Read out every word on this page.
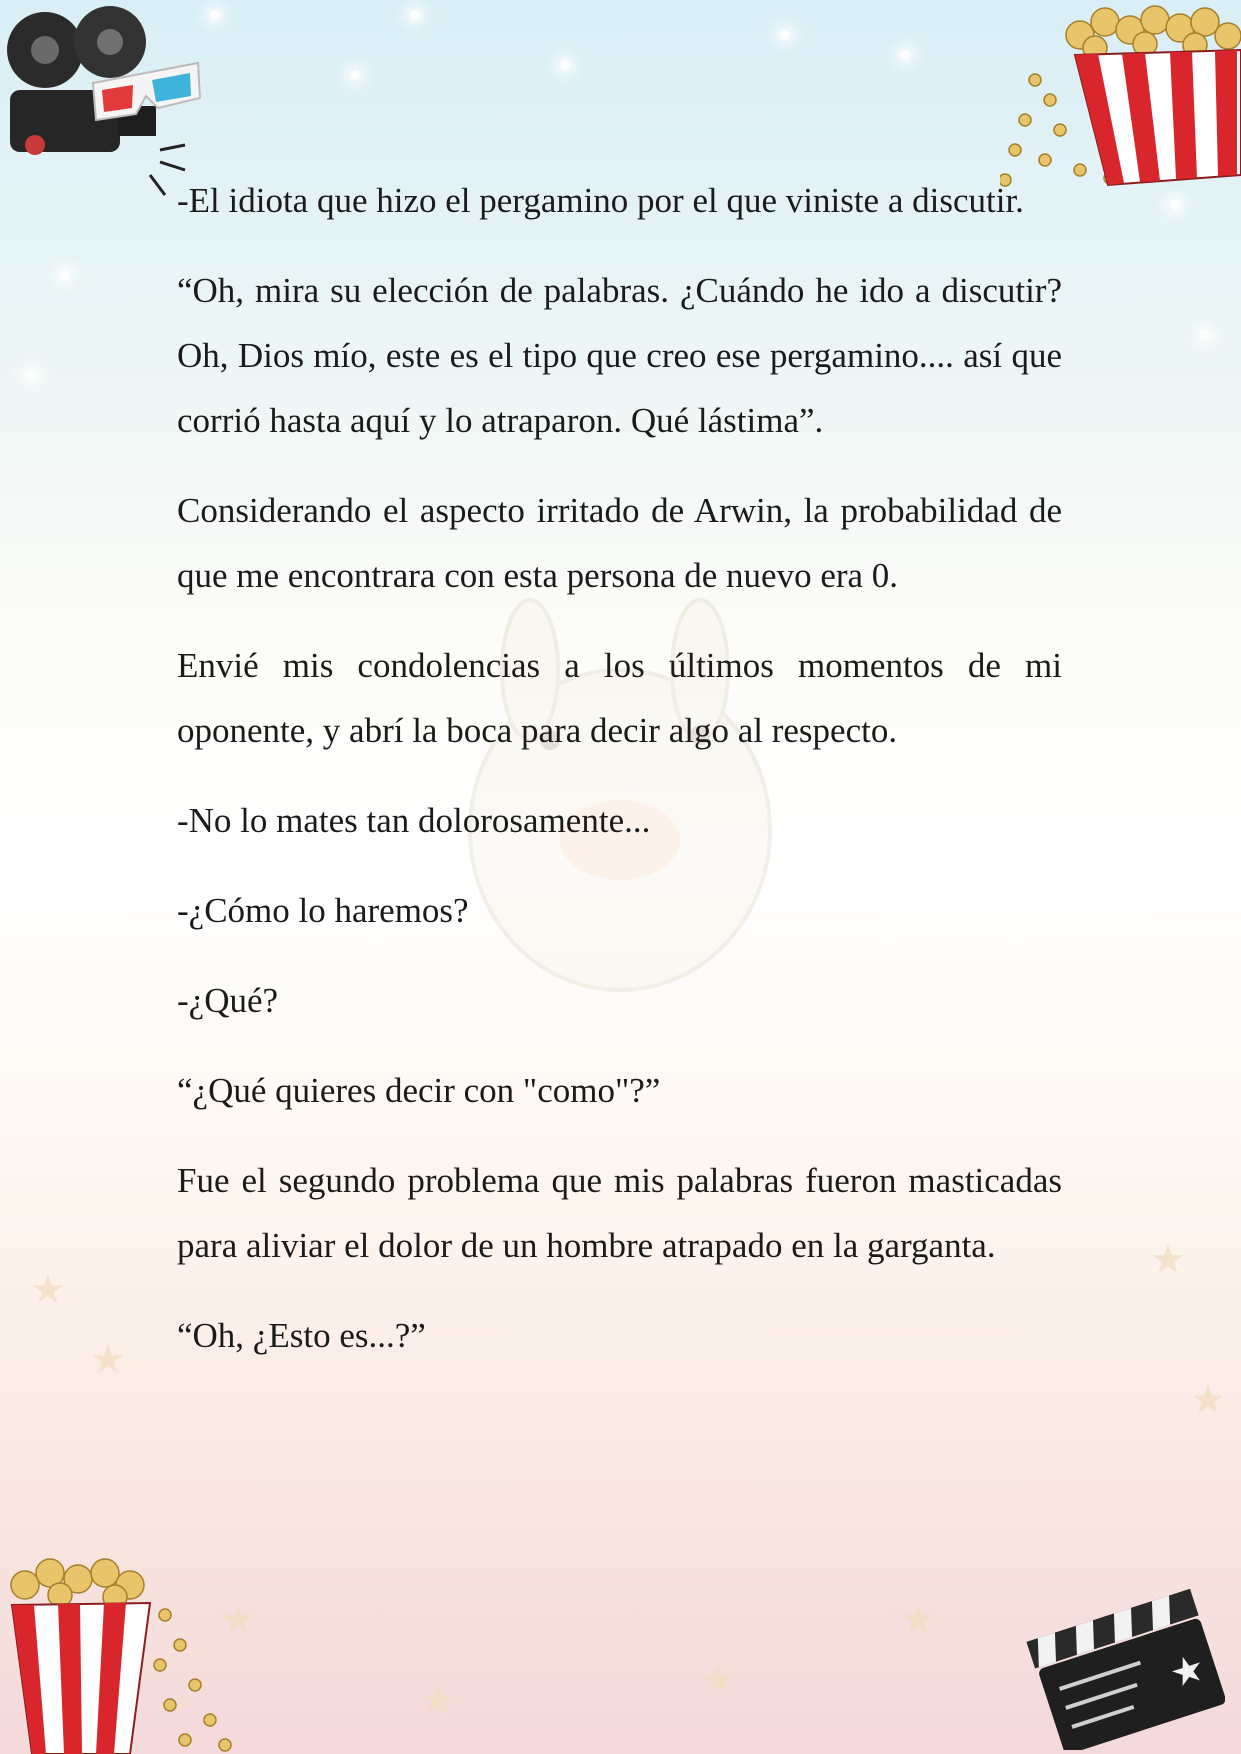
★
★
★
★
★
★	★
★
★

-El idiota que hizo el pergamino por el que viniste a discutir.

“Oh, mira su elección de palabras. ¿Cuándo he ido a discutir? Oh, Dios mío, este es el tipo que creo ese pergamino.... así que corrió hasta aquí y lo atraparon. Qué lástima”.

Considerando el aspecto irritado de Arwin, la probabilidad de que me encontrara con esta persona de nuevo era 0.

Envié mis condolencias a los últimos momentos de mi oponente, y abrí la boca para decir algo al respecto.

-No lo mates tan dolorosamente...

-¿Cómo lo haremos?

-¿Qué?

“¿Qué quieres decir con "como"?”

Fue el segundo problema que mis palabras fueron masticadas para aliviar el dolor de un hombre atrapado en la garganta.

“Oh, ¿Esto es...?”
